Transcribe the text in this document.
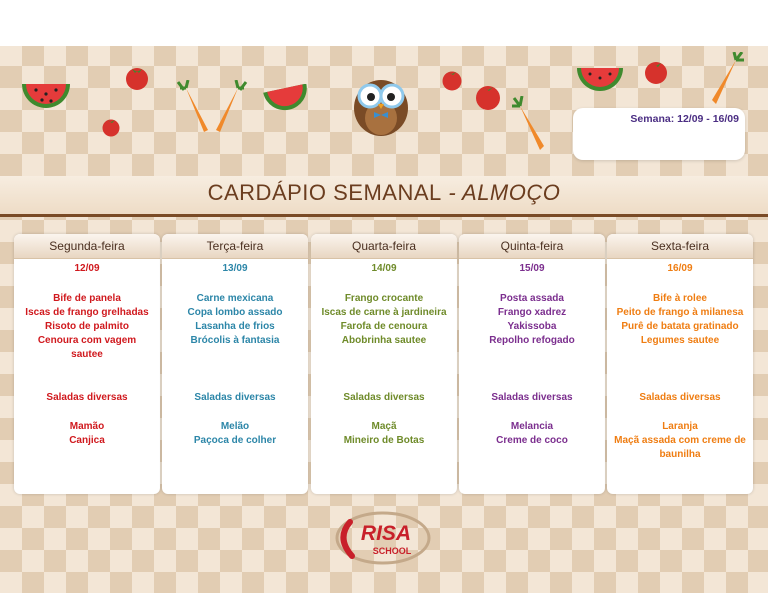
Semana: 12/09 - 16/09
CARDÁPIO SEMANAL - ALMOÇO
Segunda-feira
12/09
Bife de panela
Iscas de frango grelhadas
Risoto de palmito
Cenoura com vagem
sautee
Saladas diversas
Mamão
Canjica
Terça-feira
13/09
Carne mexicana
Copa lombo assado
Lasanha de frios
Brócolis à fantasia
Saladas diversas
Melão
Paçoca de colher
Quarta-feira
14/09
Frango crocante
Iscas de carne à jardineira
Farofa de cenoura
Abobrinha sautee
Saladas diversas
Maçã
Mineiro de Botas
Quinta-feira
15/09
Posta assada
Frango xadrez
Yakissoba
Repolho refogado
Saladas diversas
Melancia
Creme de coco
Sexta-feira
16/09
Bife à rolee
Peito de frango à milanesa
Purê de batata gratinado
Legumes sautee
Saladas diversas
Laranja
Maçã assada com creme de
baunilha
RISA
SCHOOL
